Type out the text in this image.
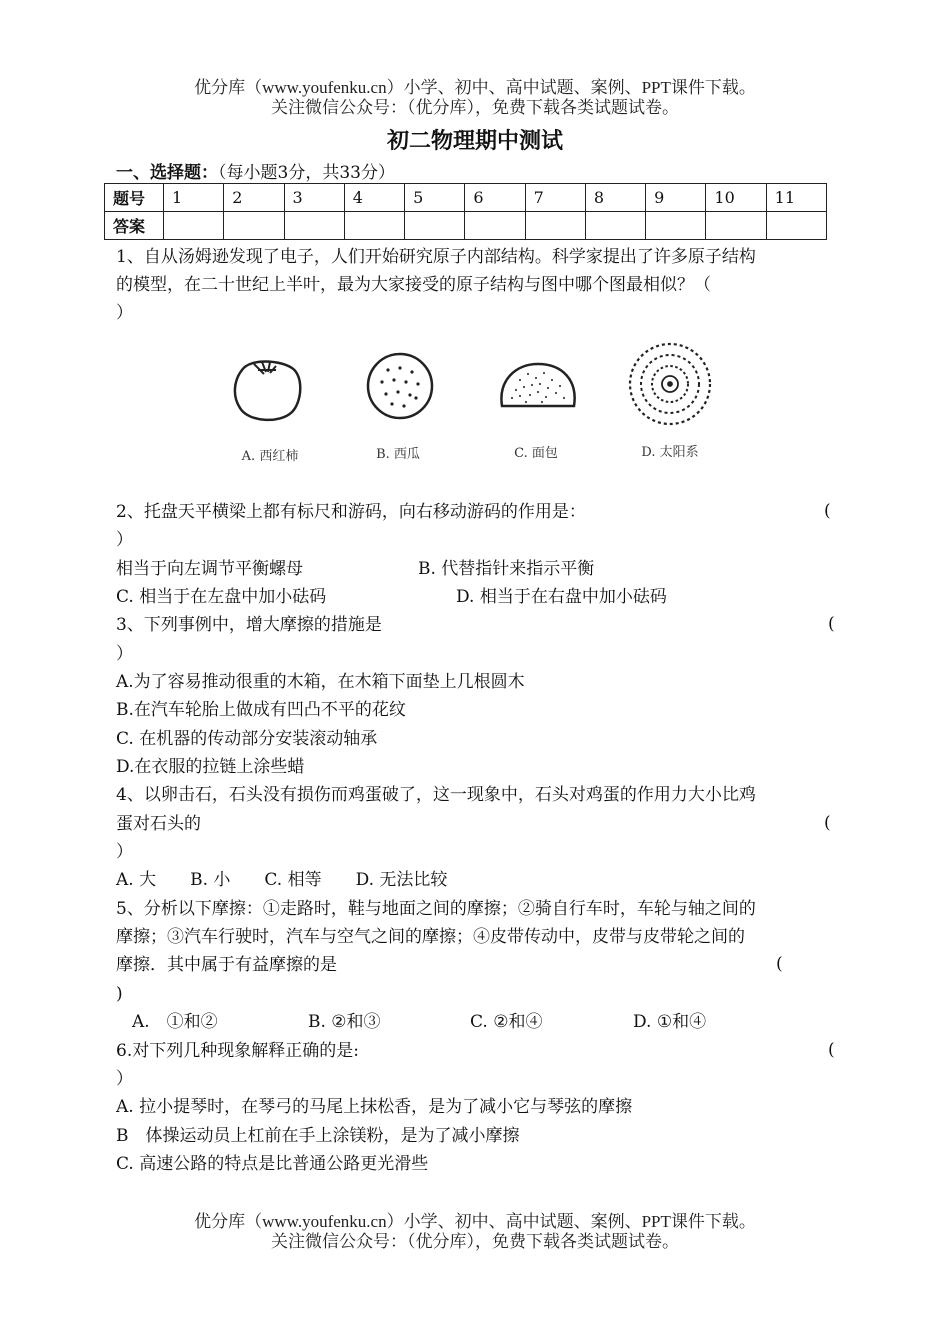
优分库（www.youfenku.cn）小学、初中、高中试题、案例、PPT课件下载。
关注微信公众号：（优分库），免费下载各类试题试卷。
初二物理期中测试
一、选择题：（每小题3分，共33分）
题号	1	2	3	4	5	6	7	8	9	10	11
答案											
1、自从汤姆逊发现了电子，人们开始研究原子内部结构。科学家提出了许多原子结构
的模型，在二十世纪上半叶，最为大家接受的原子结构与图中哪个图最相似？（
）
A. 西红柿	B. 西瓜	C. 面包	D. 太阳系
2、托盘天平横梁上都有标尺和游码，向右移动游码的作用是：	(
）
相当于向左调节平衡螺母	B. 代替指针来指示平衡
C. 相当于在左盘中加小砝码	D. 相当于在右盘中加小砝码
3、下列事例中，增大摩擦的措施是	(
）
A.为了容易推动很重的木箱，在木箱下面垫上几根圆木
B.在汽车轮胎上做成有凹凸不平的花纹
C. 在机器的传动部分安装滚动轴承
D.在衣服的拉链上涂些蜡
4、以卵击石，石头没有损伤而鸡蛋破了，这一现象中，石头对鸡蛋的作用力大小比鸡
蛋对石头的	(
）
A. 大　　B. 小　　C. 相等　　D. 无法比较
5、分析以下摩擦：①走路时，鞋与地面之间的摩擦；②骑自行车时，车轮与轴之间的
摩擦；③汽车行驶时，汽车与空气之间的摩擦；④皮带传动中，皮带与皮带轮之间的
摩擦．其中属于有益摩擦的是	(
)
A.　①和②	B. ②和③	C. ②和④	D. ①和④
6.对下列几种现象解释正确的是:	(
）
A. 拉小提琴时，在琴弓的马尾上抹松香，是为了减小它与琴弦的摩擦
B　体操运动员上杠前在手上涂镁粉，是为了减小摩擦
C. 高速公路的特点是比普通公路更光滑些
优分库（www.youfenku.cn）小学、初中、高中试题、案例、PPT课件下载。
关注微信公众号：（优分库），免费下载各类试题试卷。
